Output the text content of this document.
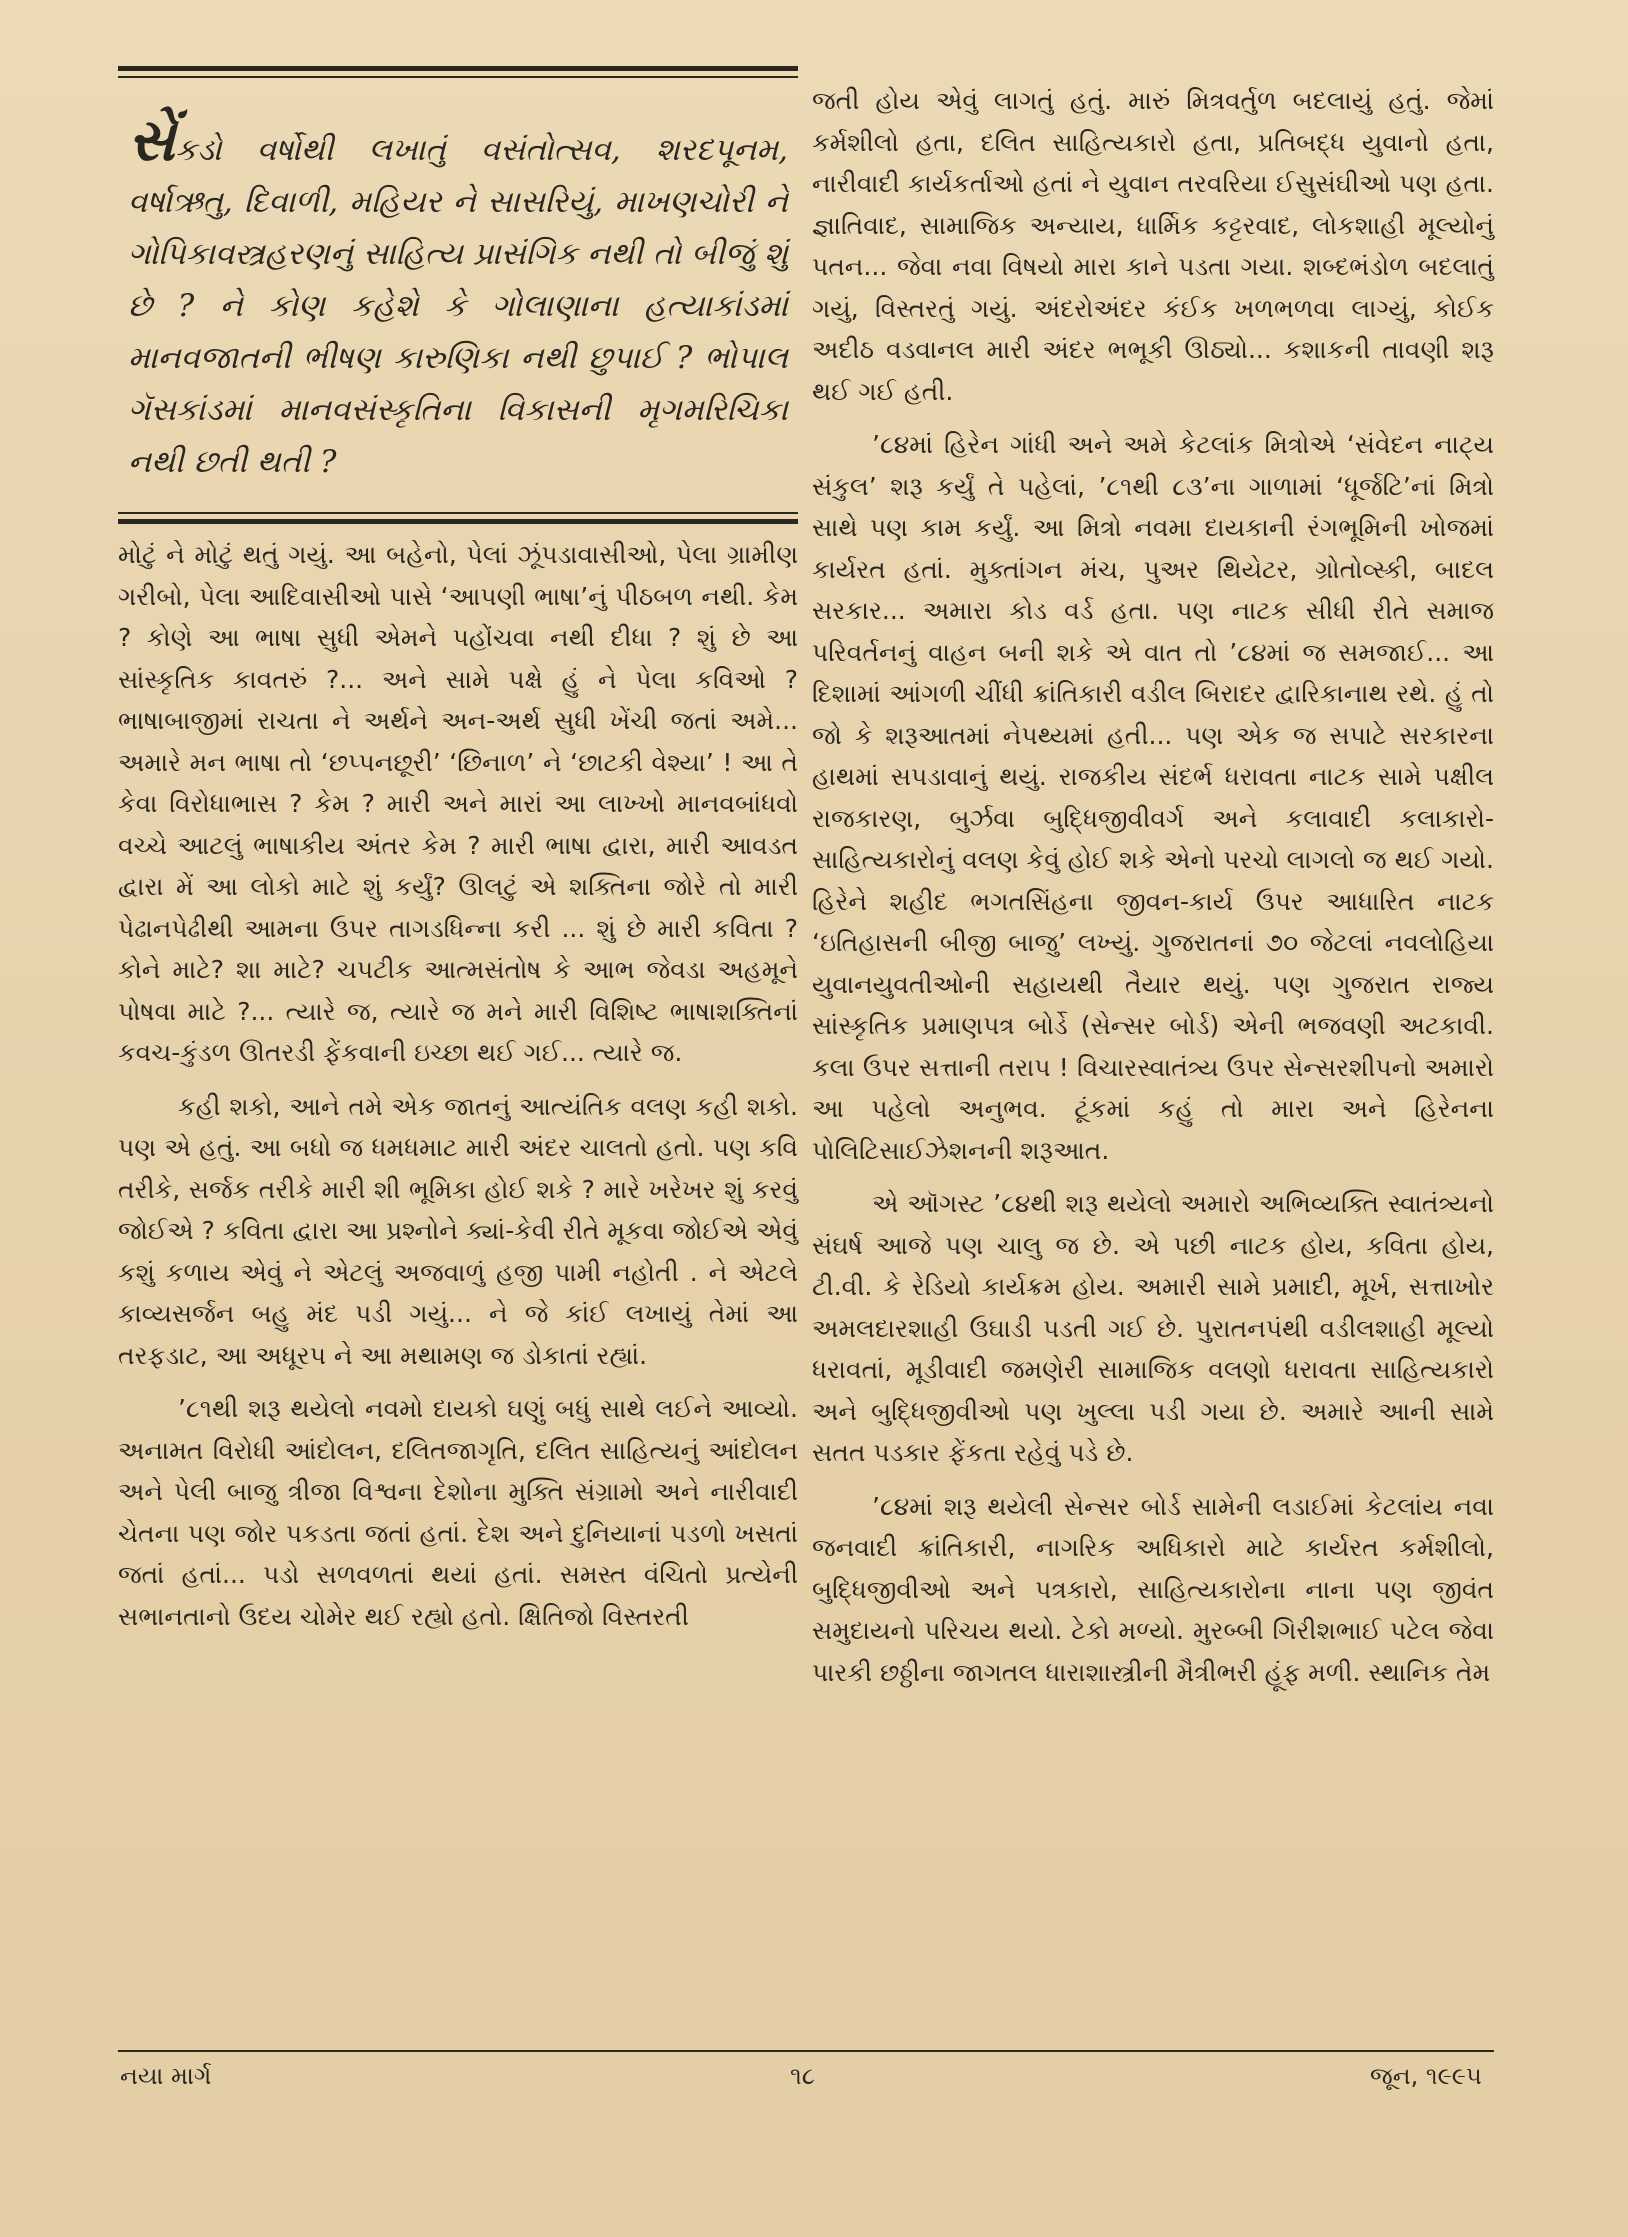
સેંકડો વર્ષોથી લખાતું વસંતોત્સવ, શરદપૂનમ, વર્ષાઋતુ, દિવાળી, મહિયર ને સાસરિયું, માખણચોરી ને ગોપિકાવસ્ત્રહરણનું સાહિત્ય પ્રાસંગિક નથી તો બીજું શું છે ? ને કોણ કહેશે કે ગોલાણાના હત્યાકાંડમાં માનવજાતની ભીષણ કારુણિકા નથી છુપાઈ ? ભોપાલ ગૅસકાંડમાં માનવસંસ્કૃતિના વિકાસની મૃગમરિચિકા નથી છતી થતી ?

મોટું ને મોટું થતું ગયું. આ બહેનો, પેલાં ઝૂંપડાવાસીઓ, પેલા ગ્રામીણ ગરીબો, પેલા આદિવાસીઓ પાસે ‘આપણી ભાષા’નું પીઠબળ નથી. કેમ ? કોણે આ ભાષા સુધી એમને પહોંચવા નથી દીધા ? શું છે આ સાંસ્કૃતિક કાવતરું ?... અને સામે પક્ષે હું ને પેલા કવિઓ ? ભાષાબાજીમાં રાચતા ને અર્થને અન-અર્થ સુધી ખેંચી જતાં અમે... અમારે મન ભાષા તો ‘છપ્પનછૂરી’ ‘છિનાળ’ ને ‘છાટકી વેશ્યા’ ! આ તે કેવા વિરોધાભાસ ? કેમ ? મારી અને મારાં આ લાખ્ખો માનવબાંધવો વચ્ચે આટલું ભાષાકીય અંતર કેમ ? મારી ભાષા દ્વારા, મારી આવડત દ્વારા મેં આ લોકો માટે શું કર્યું? ઊલટું એ શક્તિના જોરે તો મારી પેઢાનપેઢીથી આમના ઉપર તાગડધિન્ના કરી ... શું છે મારી કવિતા ? કોને માટે? શા માટે? ચપટીક આત્મસંતોષ કે આભ જેવડા અહમૂને પોષવા માટે ?... ત્યારે જ, ત્યારે જ મને મારી વિશિષ્ટ ભાષાશક્તિનાં કવચ-કુંડળ ઊતરડી ફેંકવાની ઇચ્છા થઈ ગઈ... ત્યારે જ.

કહી શકો, આને તમે એક જાતનું આત્યંતિક વલણ કહી શકો. પણ એ હતું. આ બધો જ ધમધમાટ મારી અંદર ચાલતો હતો. પણ કવિ તરીકે, સર્જક તરીકે મારી શી ભૂમિકા હોઈ શકે ? મારે ખરેખર શું કરવું જોઈએ ? કવિતા દ્વારા આ પ્રશ્નોને ક્યાં-કેવી રીતે મૂકવા જોઈએ એવું કશું કળાય એવું ને એટલું અજવાળું હજી પામી નહોતી . ને એટલે કાવ્યસર્જન બહુ મંદ પડી ગયું... ને જે કાંઈ લખાયું તેમાં આ તરફડાટ, આ અધૂરપ ને આ મથામણ જ ડોકાતાં રહ્યાં.

’૮૧થી શરૂ થયેલો નવમો દાયકો ઘણું બધું સાથે લઈને આવ્યો. અનામત વિરોધી આંદોલન, દલિતજાગૃતિ, દલિત સાહિત્યનું આંદોલન અને પેલી બાજુ ત્રીજા વિશ્વના દેશોના મુક્તિ સંગ્રામો અને નારીવાદી ચેતના પણ જોર પકડતા જતાં હતાં. દેશ અને દુનિયાનાં પડળો ખસતાં જતાં હતાં... પડો સળવળતાં થયાં હતાં. સમસ્ત વંચિતો પ્રત્યેની સભાનતાનો ઉદય ચોમેર થઈ રહ્યો હતો. ક્ષિતિજો વિસ્તરતી

જતી હોય એવું લાગતું હતું. મારું મિત્રવર્તુળ બદલાયું હતું. જેમાં કર્મશીલો હતા, દલિત સાહિત્યકારો હતા, પ્રતિબદ્ધ યુવાનો હતા, નારીવાદી કાર્યકર્તાઓ હતાં ને યુવાન તરવરિયા ઈસુસંઘીઓ પણ હતા. જ્ઞાતિવાદ, સામાજિક અન્યાય, ધાર્મિક કટ્ટરવાદ, લોકશાહી મૂલ્યોનું પતન... જેવા નવા વિષયો મારા કાને પડતા ગયા. શબ્દભંડોળ બદલાતું ગયું, વિસ્તરતું ગયું. અંદરોઅંદર કંઈક ખળભળવા લાગ્યું, કોઈક અદીઠ વડવાનલ મારી અંદર ભભૂકી ઊઠ્યો... કશાકની તાવણી શરૂ થઈ ગઈ હતી.

’૮૪માં હિરેન ગાંધી અને અમે કેટલાંક મિત્રોએ ‘સંવેદન નાટ્ય સંકુલ’ શરૂ કર્યું તે પહેલાં, ’૮૧થી ૮૩’ના ગાળામાં ‘ધૂર્જટિ’નાં મિત્રો સાથે પણ કામ કર્યું. આ મિત્રો નવમા દાયકાની રંગભૂમિની ખોજમાં કાર્યરત હતાં. મુક્તાંગન મંચ, પુઅર થિયેટર, ગ્રોતોવ્સ્કી, બાદલ સરકાર... અમારા કોડ વર્ડ હતા. પણ નાટક સીધી રીતે સમાજ પરિવર્તનનું વાહન બની શકે એ વાત તો ’૮૪માં જ સમજાઈ... આ દિશામાં આંગળી ચીંધી ક્રાંતિકારી વડીલ બિરાદર દ્વારિકાનાથ રથે. હું તો જો કે શરૂઆતમાં નેપથ્યમાં હતી... પણ એક જ સપાટે સરકારના હાથમાં સપડાવાનું થયું. રાજકીય સંદર્ભ ધરાવતા નાટક સામે પક્ષીલ રાજકારણ, બુર્ઝવા બુદ્ધિજીવીવર્ગ અને કલાવાદી કલાકારો-સાહિત્યકારોનું વલણ કેવું હોઈ શકે એનો પરચો લાગલો જ થઈ ગયો. હિરેને શહીદ ભગતસિંહના જીવન-કાર્ય ઉપર આધારિત નાટક ‘ઇતિહાસની બીજી બાજુ’ લખ્યું. ગુજરાતનાં ૭૦ જેટલાં નવલોહિયા યુવાનયુવતીઓની સહાયથી તૈયાર થયું. પણ ગુજરાત રાજ્ય સાંસ્કૃતિક પ્રમાણપત્ર બોર્ડે (સેન્સર બોર્ડ) એની ભજવણી અટકાવી. કલા ઉપર સત્તાની તરાપ ! વિચારસ્વાતંત્ર્ય ઉપર સેન્સરશીપનો અમારો આ પહેલો અનુભવ. ટૂંકમાં કહું તો મારા અને હિરેનના પોલિટિસાઈઝેશનની શરૂઆત.

એ ઑગસ્ટ ’૮૪થી શરૂ થયેલો અમારો અભિવ્યક્તિ સ્વાતંત્ર્યનો સંઘર્ષ આજે પણ ચાલુ જ છે. એ પછી નાટક હોય, કવિતા હોય, ટી.વી. કે રેડિયો કાર્યક્રમ હોય. અમારી સામે પ્રમાદી, મૂર્ખ, સત્તાખોર અમલદારશાહી ઉઘાડી પડતી ગઈ છે. પુરાતનપંથી વડીલશાહી મૂલ્યો ધરાવતાં, મૂડીવાદી જમણેરી સામાજિક વલણો ધરાવતા સાહિત્યકારો અને બુદ્ધિજીવીઓ પણ ખુલ્લા પડી ગયા છે. અમારે આની સામે સતત પડકાર ફેંકતા રહેવું પડે છે.

’૮૪માં શરૂ થયેલી સેન્સર બોર્ડ સામેની લડાઈમાં કેટલાંય નવા જનવાદી ક્રાંતિકારી, નાગરિક અધિકારો માટે કાર્યરત કર્મશીલો, બુદ્ધિજીવીઓ અને પત્રકારો, સાહિત્યકારોના નાના પણ જીવંત સમુદાયનો પરિચય થયો. ટેકો મળ્યો. મુરબ્બી ગિરીશભાઈ પટેલ જેવા પારકી છઠ્ઠીના જાગતલ ધારાશાસ્ત્રીની મૈત્રીભરી હૂંફ મળી. સ્થાનિક તેમ

નયા માર્ગ	૧૮	જૂન, ૧૯૯૫
